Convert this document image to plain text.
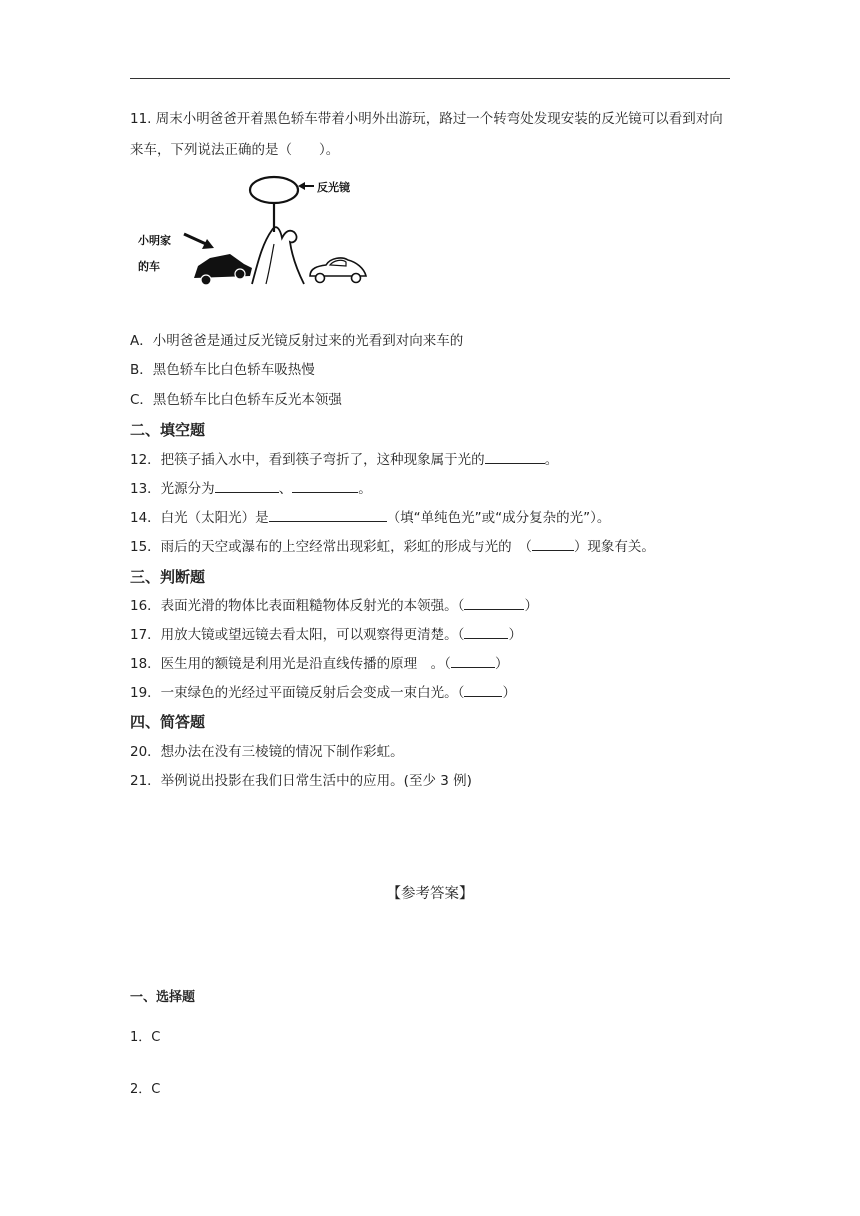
11. 周末小明爸爸开着黑色轿车带着小明外出游玩，路过一个转弯处发现安装的反光镜可以看到对向来车，下列说法正确的是（　　）。
反光镜
小明家
的车
A．小明爸爸是通过反光镜反射过来的光看到对向来车的
B．黑色轿车比白色轿车吸热慢
C．黑色轿车比白色轿车反光本领强
二、填空题
12．把筷子插入水中，看到筷子弯折了，这种现象属于光的	。
13．光源分为	、	。
14．白光（太阳光）是	（填“单纯色光”或“成分复杂的光”）。
15．雨后的天空或瀑布的上空经常出现彩虹，彩虹的形成与光的　（	）现象有关。
三、判断题
16．表面光滑的物体比表面粗糙物体反射光的本领强。（	）
17．用放大镜或望远镜去看太阳，可以观察得更清楚。（	）
18．医生用的额镜是利用光是沿直线传播的原理　。（	）
19．一束绿色的光经过平面镜反射后会变成一束白光。（	）
四、简答题
20．想办法在没有三棱镜的情况下制作彩虹。
21．举例说出投影在我们日常生活中的应用。(至少 3 例)
【参考答案】
一、选择题
1．C
2．C
